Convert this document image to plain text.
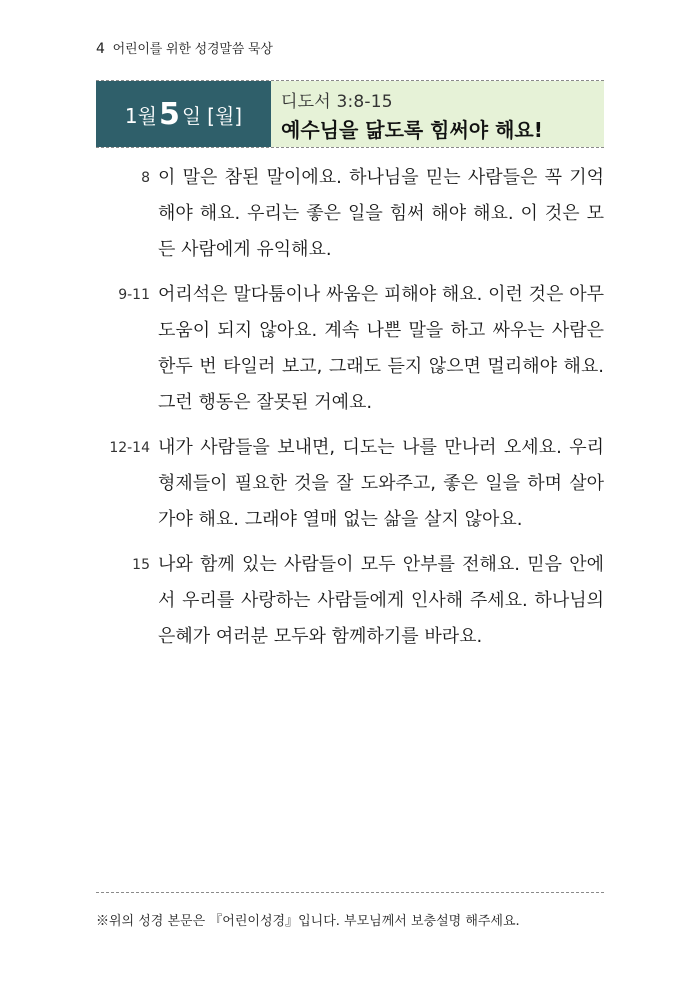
4 어린이를 위한 성경말씀 묵상
1월 5 일 [월]
디도서 3:8-15
예수님을 닮도록 힘써야 해요!
8 이 말은 참된 말이에요. 하나님을 믿는 사람들은 꼭 기억해야 해요. 우리는 좋은 일을 힘써 해야 해요. 이 것은 모든 사람에게 유익해요.
9-11 어리석은 말다툼이나 싸움은 피해야 해요. 이런 것은 아무 도움이 되지 않아요. 계속 나쁜 말을 하고 싸우는 사람은 한두 번 타일러 보고, 그래도 듣지 않으면 멀리해야 해요. 그런 행동은 잘못된 거예요.
12-14 내가 사람들을 보내면, 디도는 나를 만나러 오세요. 우리 형제들이 필요한 것을 잘 도와주고, 좋은 일을 하며 살아가야 해요. 그래야 열매 없는 삶을 살지 않아요.
15 나와 함께 있는 사람들이 모두 안부를 전해요. 믿음 안에서 우리를 사랑하는 사람들에게 인사해 주세요. 하나님의 은혜가 여러분 모두와 함께하기를 바라요.
※위의 성경 본문은 『어린이성경』입니다. 부모님께서 보충설명 해주세요.
